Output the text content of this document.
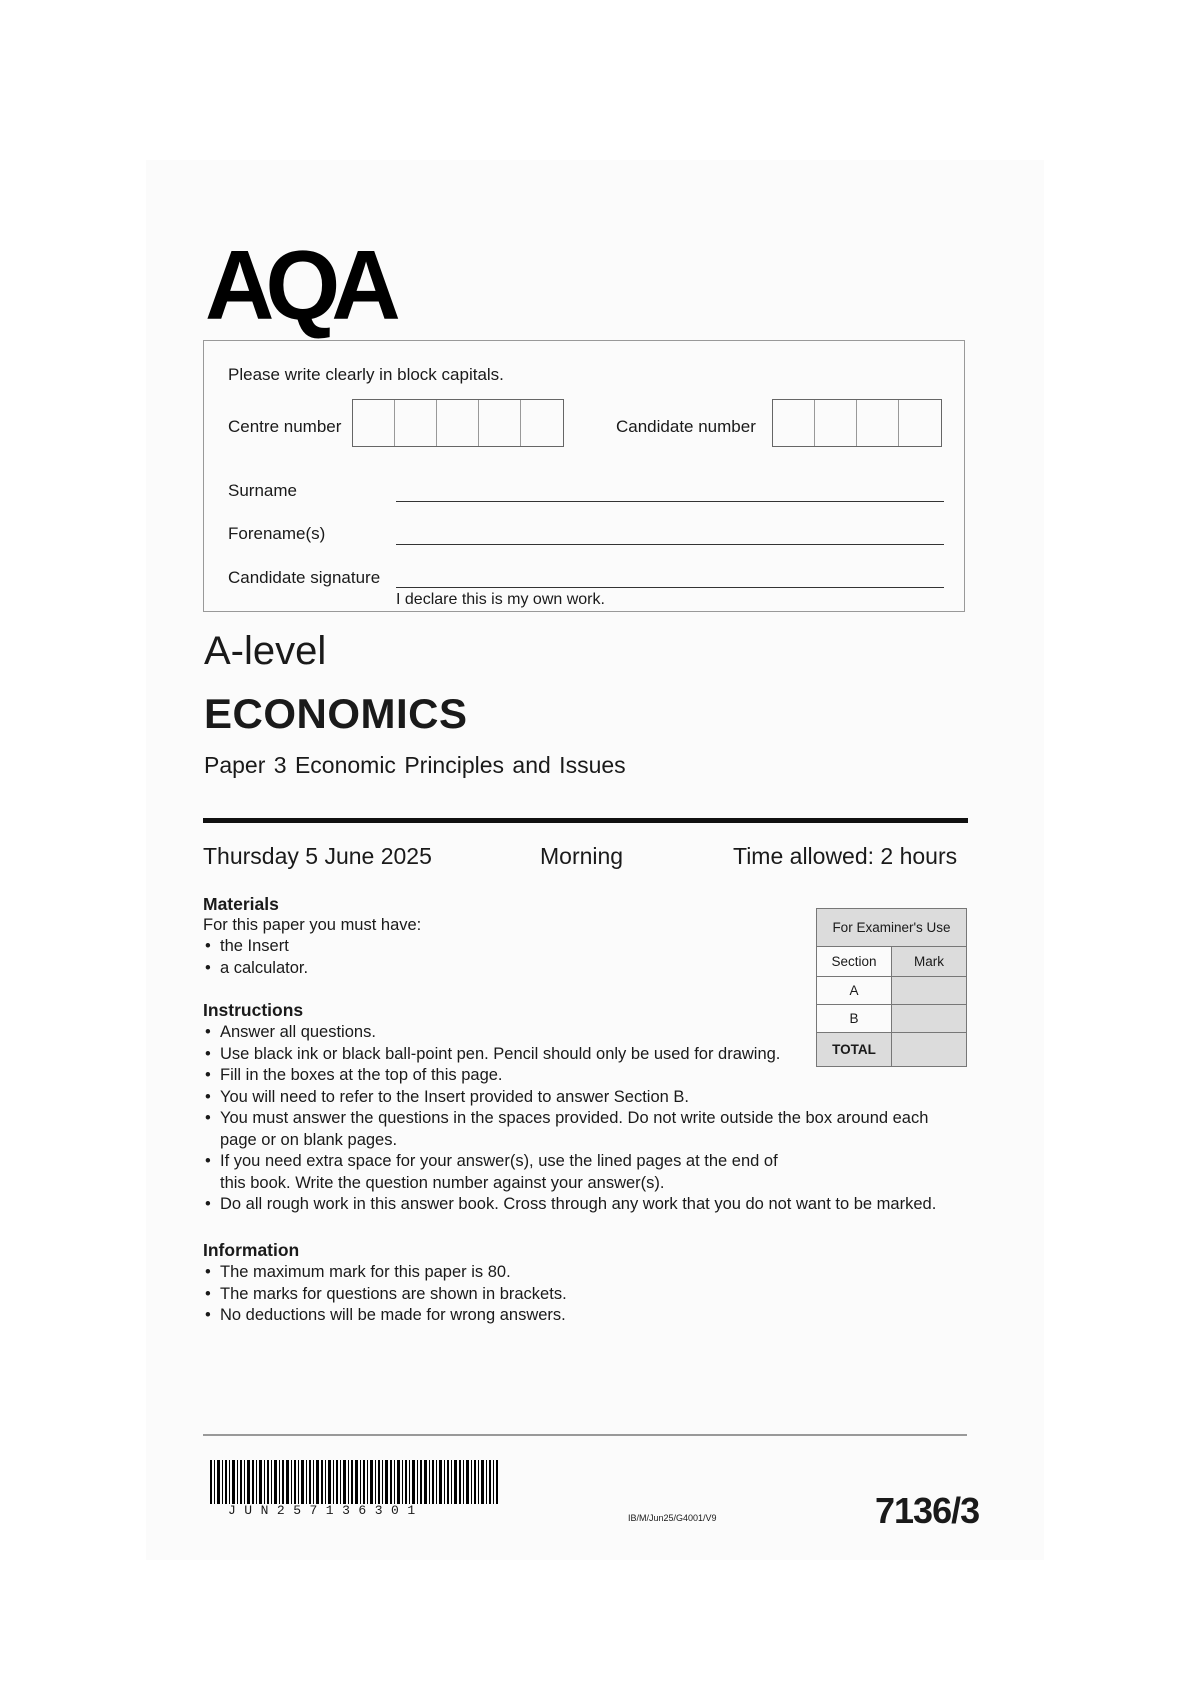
AQA
Please write clearly in block capitals.
Centre number	Candidate number
Surname
Forename(s)
Candidate signature
I declare this is my own work.
A-level
ECONOMICS
Paper 3 Economic Principles and Issues
Thursday 5 June 2025	Morning	Time allowed: 2 hours
Materials
For this paper you must have:
• the Insert
• a calculator.
Instructions
• Answer all questions.
• Use black ink or black ball-point pen. Pencil should only be used for drawing.
• Fill in the boxes at the top of this page.
• You will need to refer to the Insert provided to answer Section B.
• You must answer the questions in the spaces provided. Do not write outside the box around each
page or on blank pages.
• If you need extra space for your answer(s), use the lined pages at the end of
this book. Write the question number against your answer(s).
• Do all rough work in this answer book. Cross through any work that you do not want to be marked.
Information
• The maximum mark for this paper is 80.
• The marks for questions are shown in brackets.
• No deductions will be made for wrong answers.
For Examiner's Use	
Section	Mark
A	
B	
TOTAL	
JUN257136301	IB/M/Jun25/G4001/V9	7136/3
